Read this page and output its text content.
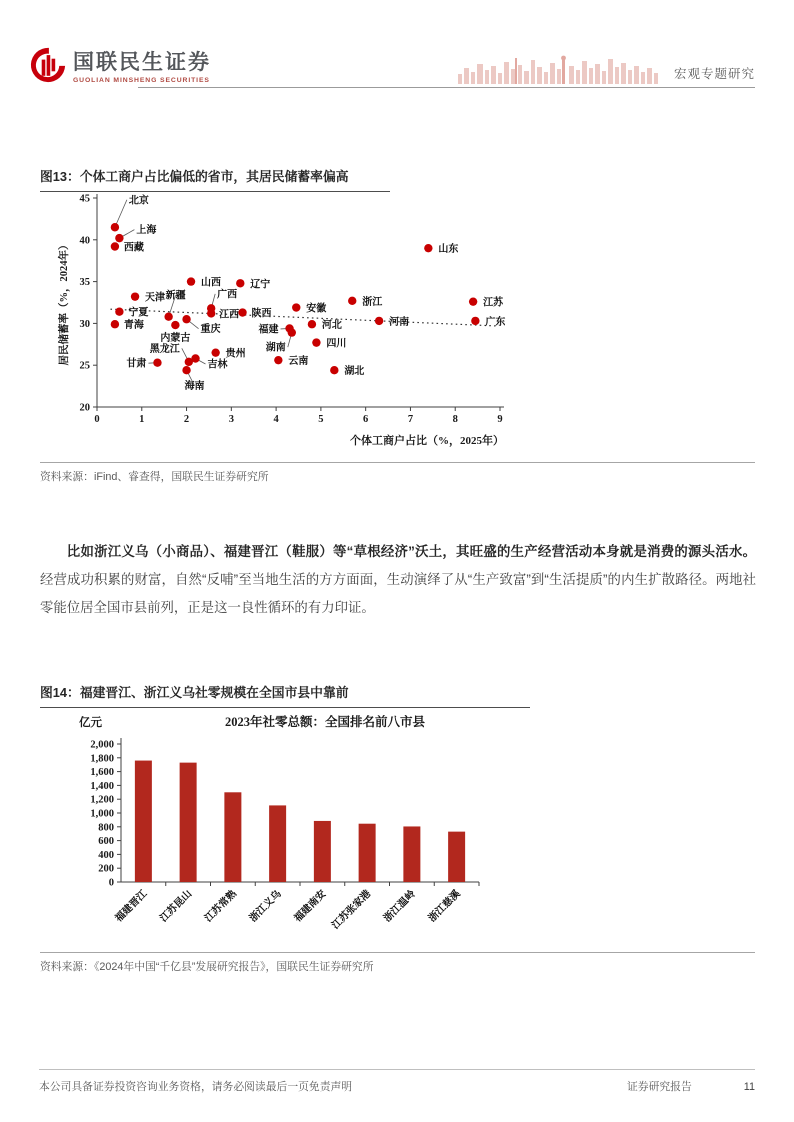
国联民生证券
GUOLIAN MINSHENG SECURITIES	宏观专题研究
图13：个体工商户占比偏低的省市，其居民储蓄率偏高
20
25
30
35
40
45
0	1	2	3	4	5	6	7	8	9
北京
上海
西藏	山东
山西	辽宁
天津	浙江	江苏
安徽
广西
宁夏	陕西
江西
新疆
重庆
河南	广东
青海	河北
内蒙古
福建
湖南	四川
贵州
吉林
黑龙江
甘肃	云南
海南
湖北
个体工商户占比（%，2025年）
居民储蓄率（%，2024年）
资料来源：iFind、睿查得，国联民生证券研究所

比如浙江义乌（小商品）、福建晋江（鞋服）等“草根经济”沃土，其旺盛的生产经营活动本身就是消费的源头活水。经营成功积累的财富，自然“反哺”至当地生活的方方面面，生动演绎了从“生产致富”到“生活提质”的内生扩散路径。两地社零能位居全国市县前列，正是这一良性循环的有力印证。

图14：福建晋江、浙江义乌社零规模在全国市县中靠前
2023年社零总额：全国排名前八市县
亿元
0
200
400
600
800
1,000
1,200
1,400
1,600
1,800
2,000
福建晋江 江苏昆山 江苏常熟 浙江义乌 福建南安 江苏张家港 浙江温岭 浙江慈溪
资料来源：《2024年中国“千亿县”发展研究报告》，国联民生证券研究所
本公司具备证券投资咨询业务资格，请务必阅读最后一页免责声明	证券研究报告	11
